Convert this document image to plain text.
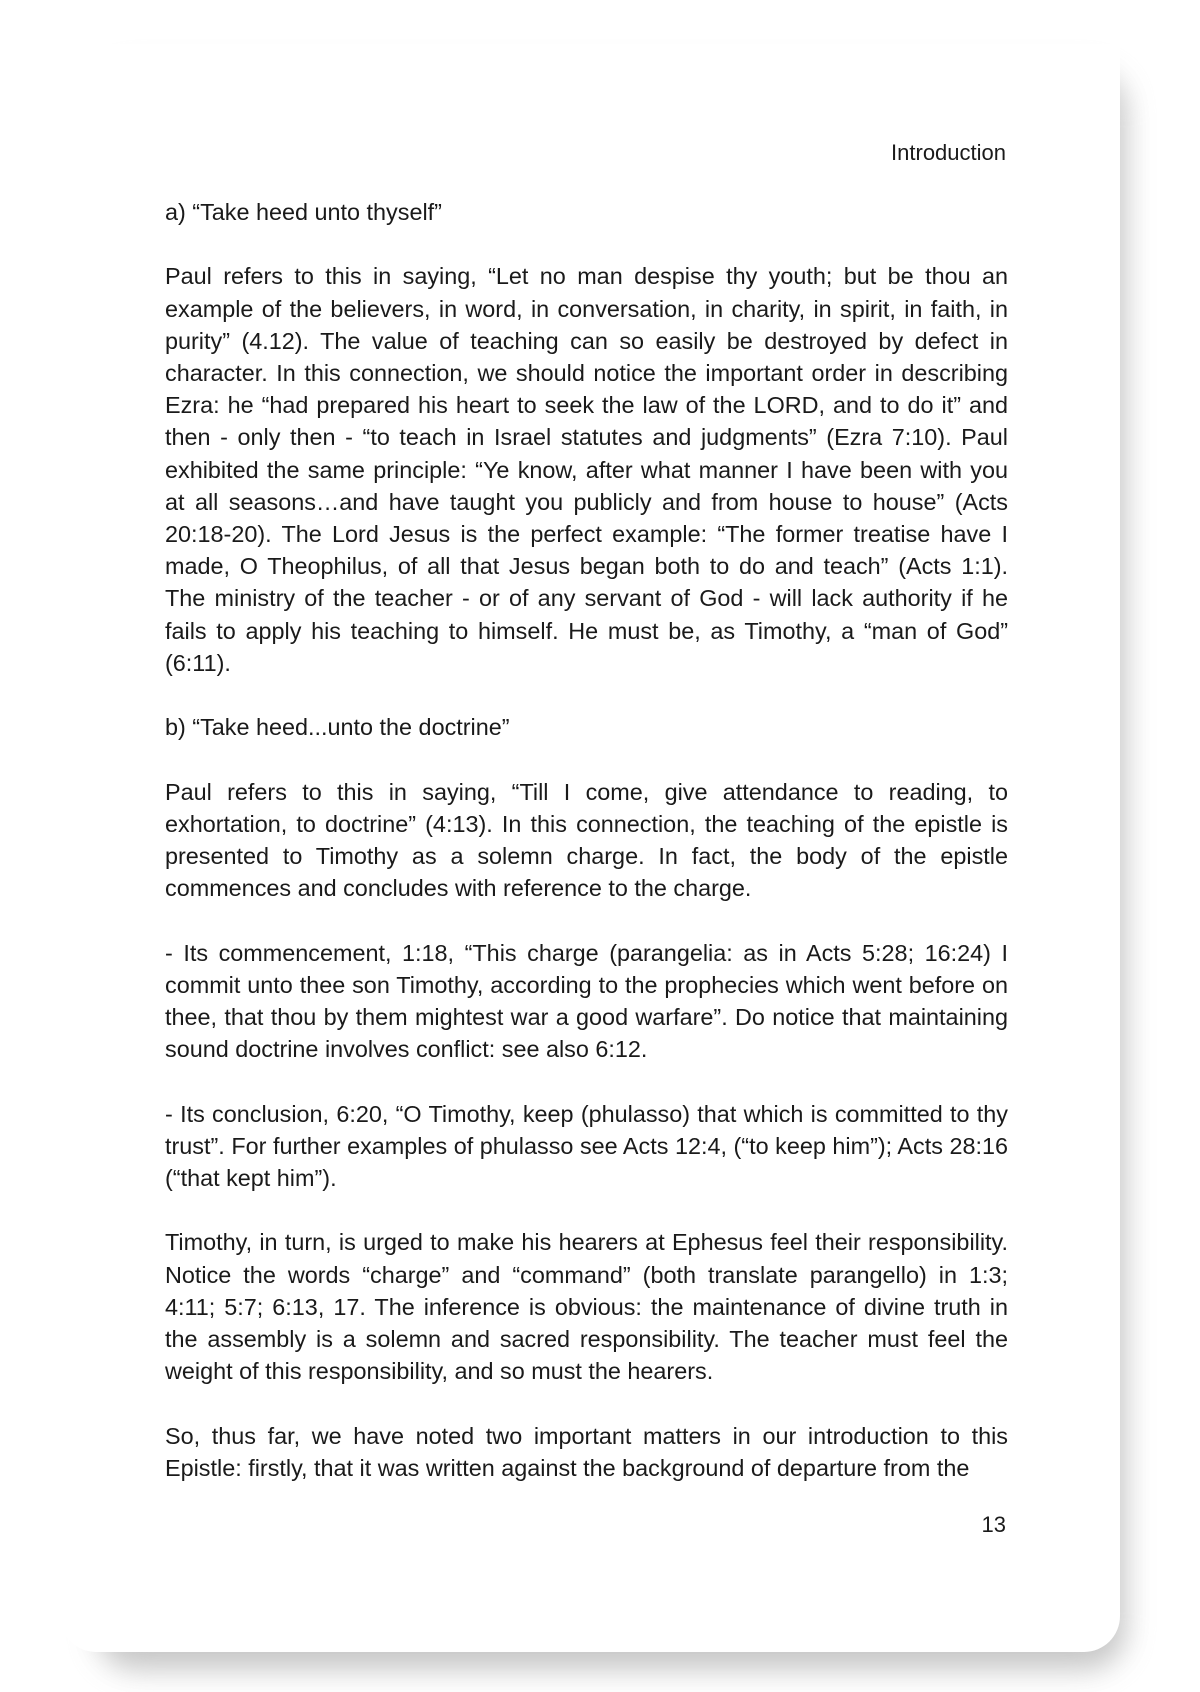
Introduction

a) “Take heed unto thyself”

Paul refers to this in saying, “Let no man despise thy youth; but be thou an example of the believers, in word, in conversation, in charity, in spirit, in faith, in purity” (4.12). The value of teaching can so easily be destroyed by defect in character. In this connection, we should notice the important order in describing Ezra: he “had prepared his heart to seek the law of the LORD, and to do it” and then - only then - “to teach in Israel statutes and judgments” (Ezra 7:10). Paul exhibited the same principle: “Ye know, after what manner I have been with you at all seasons…and have taught you publicly and from house to house” (Acts 20:18-20). The Lord Jesus is the perfect example: “The former treatise have I made, O Theophilus, of all that Jesus began both to do and teach” (Acts 1:1). The ministry of the teacher - or of any servant of God - will lack authority if he fails to apply his teaching to himself. He must be, as Timothy, a “man of God” (6:11).

b) “Take heed...unto the doctrine”

Paul refers to this in saying, “Till I come, give attendance to reading, to exhortation, to doctrine” (4:13). In this connection, the teaching of the epistle is presented to Timothy as a solemn charge. In fact, the body of the epistle commences and concludes with reference to the charge.

- Its commencement, 1:18, “This charge (parangelia: as in Acts 5:28; 16:24) I commit unto thee son Timothy, according to the prophecies which went before on thee, that thou by them mightest war a good warfare”. Do notice that maintaining sound doctrine involves conflict: see also 6:12.

- Its conclusion, 6:20, “O Timothy, keep (phulasso) that which is committed to thy trust”. For further examples of phulasso see Acts 12:4, (“to keep him”); Acts 28:16 (“that kept him”).

Timothy, in turn, is urged to make his hearers at Ephesus feel their responsibility. Notice the words “charge” and “command” (both translate parangello) in 1:3; 4:11; 5:7; 6:13, 17. The inference is obvious: the maintenance of divine truth in the assembly is a solemn and sacred responsibility. The teacher must feel the weight of this responsibility, and so must the hearers.

So, thus far, we have noted two important matters in our introduction to this Epistle: firstly, that it was written against the background of departure from the

13
